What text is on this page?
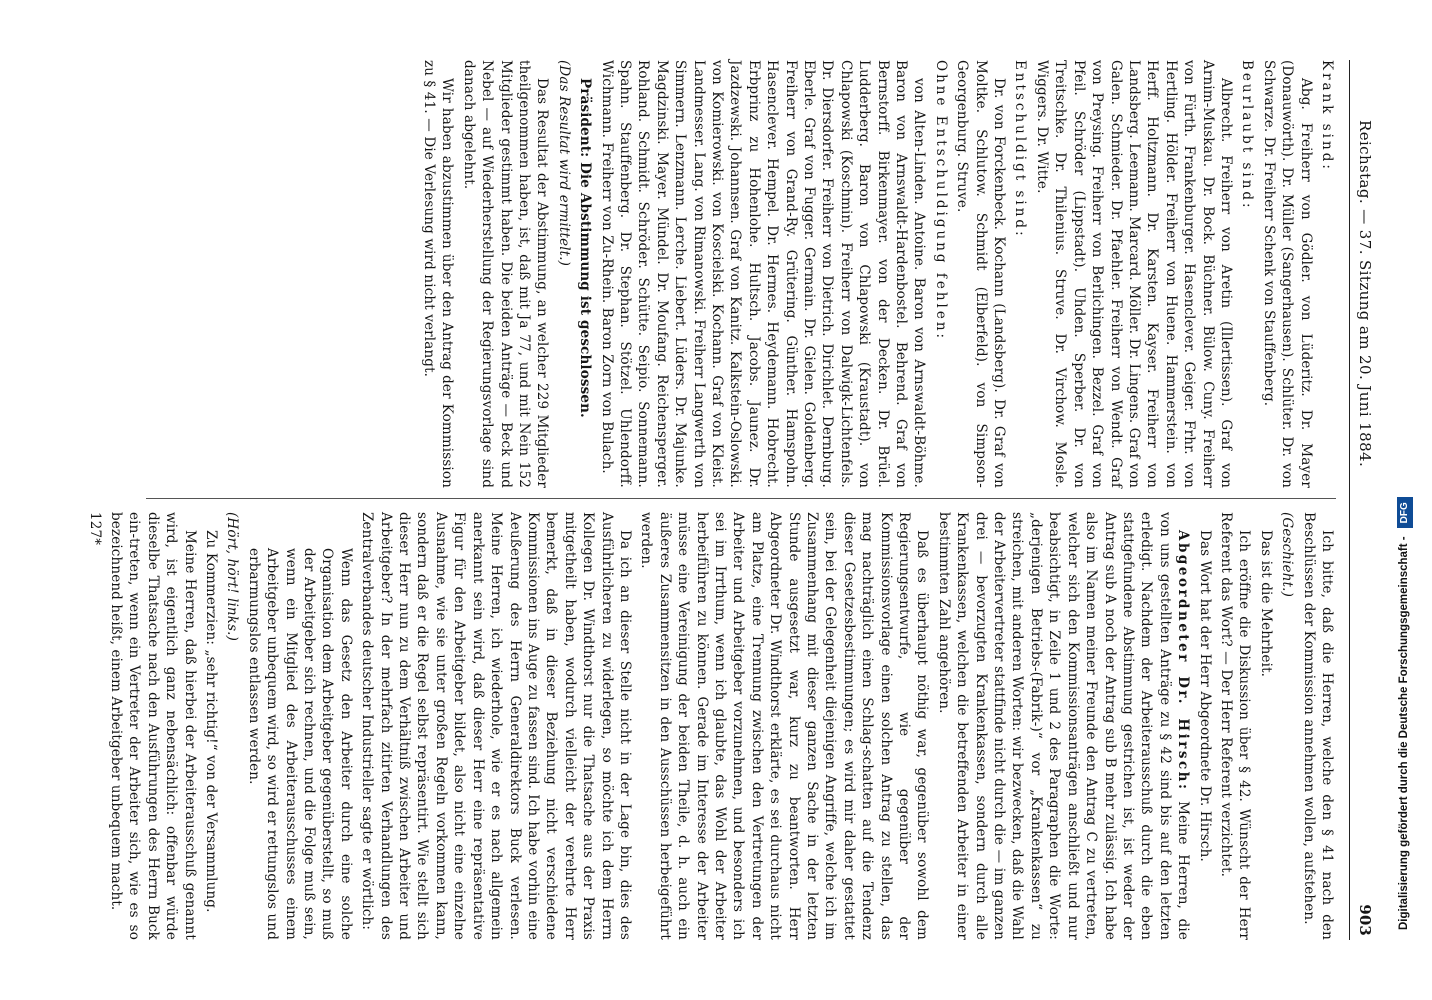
Reichstag. — 37. Sitzung am 20. Juni 1884.
903

Krank sind:

Abg. Freiherr von Gödler. von Lüderitz. Dr. Mayer (Donauwörth). Dr. Müller (Sangerhausen). Schlüter. Dr. von Schwarze. Dr. Freiherr Schenk von Stauffenberg.

Beurlaubt sind:

Albrecht. Freiherr von Aretin (Illertissen). Graf von Arnim-Muskau. Dr. Bock. Büchner. Bülow. Cuny. Freiherr von Fürth. Frankenburger. Hasenclever. Geiger. Frhr. von Hertling. Hölder. Freiherr von Huene. Hammerstein. von Herff. Holtzmann. Dr. Karsten. Kayser. Freiherr von Landsberg. Leemann. Marcard. Möller. Dr. Lingens. Graf von Galen. Schmieder. Dr. Pfaehler. Freiherr von Wendt. Graf von Preysing. Freiherr von Berlichingen. Bezzel. Graf von Pfeil. Schröder (Lippstadt). Uhden. Sperber. Dr. von Treitschke. Dr. Thilenius. Struve. Dr. Virchow. Mosle. Wiggers. Dr. Witte.

Entschuldigt sind:

Dr. von Forckenbeck. Kochann (Landsberg). Dr. Graf von Moltke. Schlutow. Schmidt (Elberfeld). von Simpson-Georgenburg. Struve.

Ohne Entschuldigung fehlen:

von Alten-Linden. Antoine. Baron von Arnswaldt-Böhme. Baron von Arnswaldt-Hardenbostel. Behrend. Graf von Bernstorff. Birkenmayer. von der Decken. Dr. Brüel. Ludderberg. Baron von Chlapowski (Kraustadt). von Chlapowski (Koschmin). Freiherr von Dalwigk-Lichtenfels. Dr. Diersdorfer. Freiherr von Dietrich. Dirichlet. Dernburg. Eberle. Graf von Fugger. Germain. Dr. Gielen. Goldenberg. Freiherr von Grand-Ry. Grütering. Günther. Hamspohn. Hasenclever. Hempel. Dr. Hermes. Heydemann. Hobrecht. Erbprinz zu Hohenlohe. Hultsch. Jacobs. Jaunez. Dr. Jazdzewski. Johannsen. Graf von Kanitz. Kalkstein-Oslowski. von Komierowski. von Koscielski. Kochann. Graf von Kleist. Landmesser. Lang. von Rimanowski. Freiherr Langwerth von Simmern. Lenzmann. Lerche. Liebert. Lüders. Dr. Majunke. Magdzinski. Mayer. Mündel. Dr. Moufang. Reichensperger. Rohland. Schmidt. Schröder. Schütte. Seipio. Sonnemann. Spahn. Stauffenberg. Dr. Stephan. Stötzel. Uhlendorff. Wichmann. Freiherr von Zu-Rhein. Baron Zorn von Bulach.

Präsident: Die Abstimmung ist geschlossen.

(Das Resultat wird ermittelt.)

Das Resultat der Abstimmung, an welcher 229 Mitglieder theilgenommen haben, ist, daß mit Ja 77, und mit Nein 152 Mitglieder gestimmt haben. Die beiden Anträge — Beck und Nebel — auf Wiederherstellung der Regierungsvorlage sind danach abgelehnt.

Wir haben abzustimmen über den Antrag der Kommission zu § 41. — Die Verlesung wird nicht verlangt.

Ich bitte, daß die Herren, welche den § 41 nach den Beschlüssen der Kommission annehmen wollen, aufstehen.

(Geschieht.)

Das ist die Mehrheit.

Ich eröffne die Diskussion über § 42. Wünscht der Herr Referent das Wort? — Der Herr Referent verzichtet.

Das Wort hat der Herr Abgeordnete Dr. Hirsch.

Abgeordneter Dr. Hirsch: Meine Herren, die von uns gestellten Anträge zu § 42 sind bis auf den letzten erledigt. Nachdem der Arbeiterausschuß durch die eben stattgefundene Abstimmung gestrichen ist, ist weder der Antrag sub A noch der Antrag sub B mehr zulässig. Ich habe also im Namen meiner Freunde den Antrag C zu vertreten, welcher sich den Kommissionsanträgen anschließt und nur beabsichtigt, in Zeile 1 und 2 des Paragraphen die Worte: „derjenigen Betriebs-(Fabrik-)“ vor „Krankenkassen“ zu streichen, mit anderen Worten: wir bezwecken, daß die Wahl der Arbeitervertreter stattfinde nicht durch die — im ganzen drei — bevorzugten Krankenkassen, sondern durch alle Krankenkassen, welchen die betreffenden Arbeiter in einer bestimmten Zahl angehören.

Daß es überhaupt nöthig war, gegenüber sowohl dem Regierungsentwurfe, wie gegenüber der Kommissionsvorlage einen solchen Antrag zu stellen, das mag nachträglich einen Schlag-schatten auf die Tendenz dieser Gesetzesbestimmungen; es wird mir daher gestattet sein, bei der Gelegenheit diejenigen Angriffe, welche ich im Zusammenhang mit dieser ganzen Sache in der letzten Stunde ausgesetzt war, kurz zu beantworten. Herr Abgeordneter Dr. Windthorst erklärte, es sei durchaus nicht am Platze, eine Trennung zwischen den Vertretungen der Arbeiter und Arbeitgeber vorzunehmen, und besonders ich sei im Irrthum, wenn ich glaubte, das Wohl der Arbeiter herbeiführen zu können. Gerade im Interesse der Arbeiter müsse eine Vereinigung der beiden Theile, d. h. auch ein äußeres Zusammensitzen in den Ausschüssen herbeigeführt werden.

Da ich an dieser Stelle nicht in der Lage bin, dies des Ausführlicheren zu widerlegen, so möchte ich dem Herrn Kollegen Dr. Windthorst nur die Thatsache aus der Praxis mitgetheilt haben, wodurch vielleicht der verehrte Herr bemerkt, daß in dieser Beziehung nicht verschiedene Kommissionen ins Auge zu fassen sind. Ich habe vorhin eine Aeußerung des Herrn Generaldirektors Buck verlesen. Meine Herren, ich wiederhole, wie er es nach allgemein anerkannt sein wird, daß dieser Herr eine repräsentative Figur für den Arbeitgeber bildet, also nicht eine einzelne Ausnahme, wie sie unter großen Regeln vorkommen kann, sondern daß er die Regel selbst repräsentirt. Wie stellt sich dieser Herr nun zu dem Verhältniß zwischen Arbeiter und Arbeitgeber? In der mehrfach zitirten Verhandlungen des Zentralverbandes deutscher Industrieller sagte er wörtlich:

Wenn das Gesetz den Arbeiter durch eine solche Organisation dem Arbeitgeber gegenüberstellt, so muß der Arbeitgeber sich rechnen, und die Folge muß sein, wenn ein Mitglied des Arbeiterausschusses einem Arbeitgeber unbequem wird, so wird er rettungslos und erbarmungslos entlassen werden.

(Hört, hört! links.)

Zu Kommerzien: „sehr richtig!“ von der Versammlung.

Meine Herren, daß hierbei der Arbeiterausschuß genannt wird, ist eigentlich ganz nebensächlich: offenbar würde dieselbe Thatsache nach den Ausführungen des Herrn Buck ein-treten, wenn ein Vertreter der Arbeiter sich, wie es so bezeichnend heißt, einem Arbeitgeber unbequem macht.

127*

Digitalisierung gefördert durch die Deutsche Forschungsgemeinschaft -DFG
